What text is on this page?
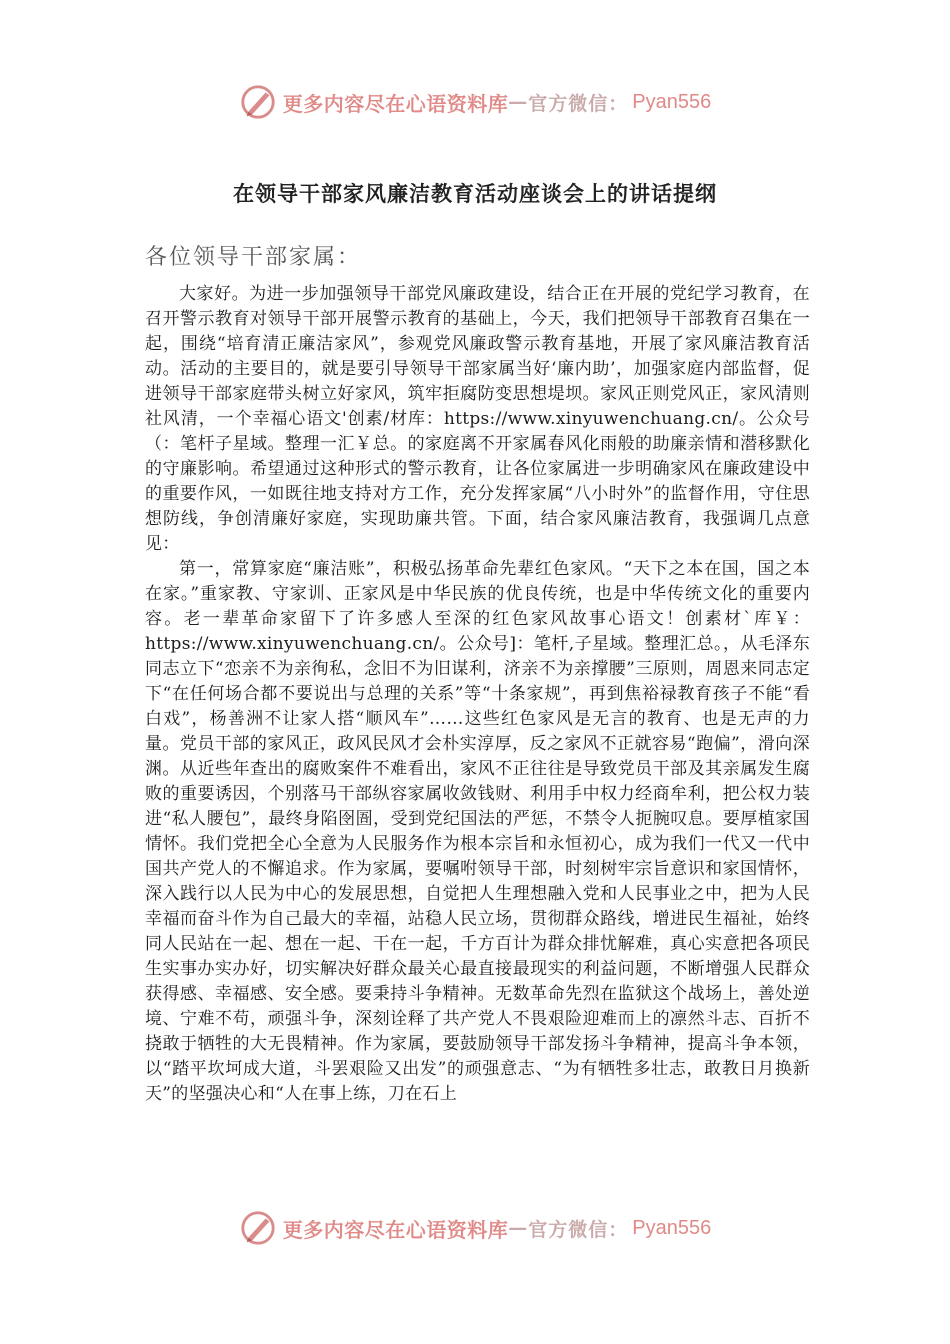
更多内容尽在心语资料库 — 官方微信： Pyan556
在领导干部家风廉洁教育活动座谈会上的讲话提纲
各位领导干部家属：

大家好。为进一步加强领导干部党风廉政建设，结合正在开展的党纪学习教育，在召开警示教育对领导干部开展警示教育的基础上，今天，我们把领导干部教育召集在一起，围绕“培育清正廉洁家风”，参观党风廉政警示教育基地，开展了家风廉洁教育活动。活动的主要目的，就是要引导领导干部家属当好‘廉内助’，加强家庭内部监督，促进领导干部家庭带头树立好家风，筑牢拒腐防变思想堤坝。家风正则党风正，家风清则社风清，一个幸福心语文'创素/材库：https://www.xinyuwenchuang.cn/。公众号（：笔杆子星域。整理一汇￥总。的家庭离不开家属春风化雨般的助廉亲情和潜移默化的守廉影响。希望通过这种形式的警示教育，让各位家属进一步明确家风在廉政建设中的重要作风，一如既往地支持对方工作，充分发挥家属“八小时外”的监督作用，守住思想防线，争创清廉好家庭，实现助廉共管。下面，结合家风廉洁教育，我强调几点意见：

第一，常算家庭“廉洁账”，积极弘扬革命先辈红色家风。“天下之本在国，国之本在家。”重家教、守家训、正家风是中华民族的优良传统，也是中华传统文化的重要内容。老一辈革命家留下了许多感人至深的红色家风故事心语文！创素材`库￥：https://www.xinyuwenchuang.cn/。公众号]：笔杆,子星域。整理汇总。，从毛泽东同志立下“恋亲不为亲徇私，念旧不为旧谋利，济亲不为亲撑腰”三原则，周恩来同志定下“在任何场合都不要说出与总理的关系”等“十条家规”，再到焦裕禄教育孩子不能“看白戏”，杨善洲不让家人搭“顺风车”……这些红色家风是无言的教育、也是无声的力量。党员干部的家风正，政风民风才会朴实淳厚，反之家风不正就容易“跑偏”，滑向深渊。从近些年查出的腐败案件不难看出，家风不正往往是导致党员干部及其亲属发生腐败的重要诱因，个别落马干部纵容家属收敛钱财、利用手中权力经商牟利，把公权力装进“私人腰包”，最终身陷囹圄，受到党纪国法的严惩，不禁令人扼腕叹息。要厚植家国情怀。我们党把全心全意为人民服务作为根本宗旨和永恒初心，成为我们一代又一代中国共产党人的不懈追求。作为家属，要嘱咐领导干部，时刻树牢宗旨意识和家国情怀，深入践行以人民为中心的发展思想，自觉把人生理想融入党和人民事业之中，把为人民幸福而奋斗作为自己最大的幸福，站稳人民立场，贯彻群众路线，增进民生福祉，始终同人民站在一起、想在一起、干在一起，千方百计为群众排忧解难，真心实意把各项民生实事办实办好，切实解决好群众最关心最直接最现实的利益问题，不断增强人民群众获得感、幸福感、安全感。要秉持斗争精神。无数革命先烈在监狱这个战场上，善处逆境、宁难不苟，顽强斗争，深刻诠释了共产党人不畏艰险迎难而上的凛然斗志、百折不挠敢于牺牲的大无畏精神。作为家属，要鼓励领导干部发扬斗争精神，提高斗争本领，以“踏平坎坷成大道，斗罢艰险又出发”的顽强意志、“为有牺牲多壮志，敢教日月换新天”的坚强决心和“人在事上练，刀在石上

更多内容尽在心语资料库 — 官方微信： Pyan556
